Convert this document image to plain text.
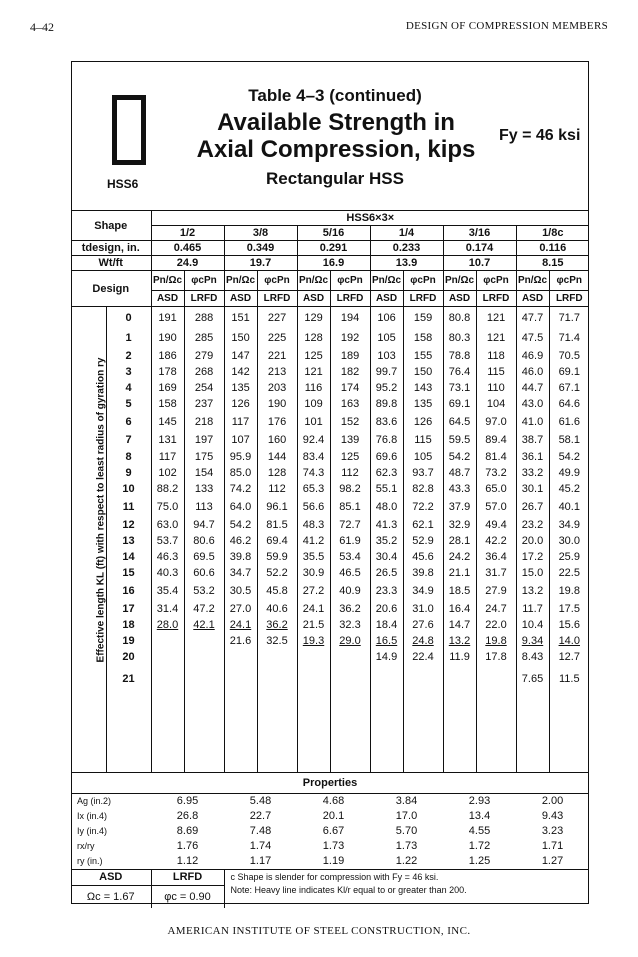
4–42	DESIGN OF COMPRESSION MEMBERS
HSS6
Table 4–3 (continued)
Available Strength in
Axial Compression, kips
Fy = 46 ksi
Rectangular HSS
Shape		HSS6×3×											
		1/2		3/8		5/16		1/4		3/16		1/8c	
tdesign, in.		0.465		0.349		0.291		0.233		0.174		0.116	
Wt/ft		24.9		19.7		16.9		13.9		10.7		8.15	
Design		Pn/Ωc	φcPn	Pn/Ωc	φcPn	Pn/Ωc	φcPn	Pn/Ωc	φcPn	Pn/Ωc	φcPn	Pn/Ωc	φcPn
		ASD	LRFD	ASD	LRFD	ASD	LRFD	ASD	LRFD	ASD	LRFD	ASD	LRFD
	0	191	288	151	227	129	194	106	159	80.8	121	47.7	71.7
	1	190	285	150	225	128	192	105	158	80.3	121	47.5	71.4
	2	186	279	147	221	125	189	103	155	78.8	118	46.9	70.5
	3	178	268	142	213	121	182	99.7	150	76.4	115	46.0	69.1
	4	169	254	135	203	116	174	95.2	143	73.1	110	44.7	67.1
	5	158	237	126	190	109	163	89.8	135	69.1	104	43.0	64.6
	6	145	218	117	176	101	152	83.6	126	64.5	97.0	41.0	61.6
	7	131	197	107	160	92.4	139	76.8	115	59.5	89.4	38.7	58.1
	8	117	175	95.9	144	83.4	125	69.6	105	54.2	81.4	36.1	54.2
	9	102	154	85.0	128	74.3	112	62.3	93.7	48.7	73.2	33.2	49.9
	10	88.2	133	74.2	112	65.3	98.2	55.1	82.8	43.3	65.0	30.1	45.2
	11	75.0	113	64.0	96.1	56.6	85.1	48.0	72.2	37.9	57.0	26.7	40.1
	12	63.0	94.7	54.2	81.5	48.3	72.7	41.3	62.1	32.9	49.4	23.2	34.9
	13	53.7	80.6	46.2	69.4	41.2	61.9	35.2	52.9	28.1	42.2	20.0	30.0
	14	46.3	69.5	39.8	59.9	35.5	53.4	30.4	45.6	24.2	36.4	17.2	25.9
	15	40.3	60.6	34.7	52.2	30.9	46.5	26.5	39.8	21.1	31.7	15.0	22.5
	16	35.4	53.2	30.5	45.8	27.2	40.9	23.3	34.9	18.5	27.9	13.2	19.8
	17	31.4	47.2	27.0	40.6	24.1	36.2	20.6	31.0	16.4	24.7	11.7	17.5
	18	28.0	42.1	24.1	36.2	21.5	32.3	18.4	27.6	14.7	22.0	10.4	15.6
	19			21.6	32.5	19.3	29.0	16.5	24.8	13.2	19.8	9.34	14.0
	20							14.9	22.4	11.9	17.8	8.43	12.7
	21											7.65	11.5

Properties													
Ag (in.2)		6.95		5.48		4.68		3.84		2.93		2.00	
Ix (in.4)		26.8		22.7		20.1		17.0		13.4		9.43	
Iy (in.4)		8.69		7.48		6.67		5.70		4.55		3.23	
rx/ry		1.76		1.74		1.73		1.73		1.72		1.71	
ry (in.)		1.12		1.17		1.19		1.22		1.25		1.27	
ASD		LRFD		c Shape is slender for compression with Fy = 46 ksi.									
Ωc = 1.67		φc = 0.90		Note: Heavy line indicates Kl/r equal to or greater than 200.									
Effective length KL (ft) with respect to least radius of gyration ry
AMERICAN INSTITUTE OF STEEL CONSTRUCTION, INC.
